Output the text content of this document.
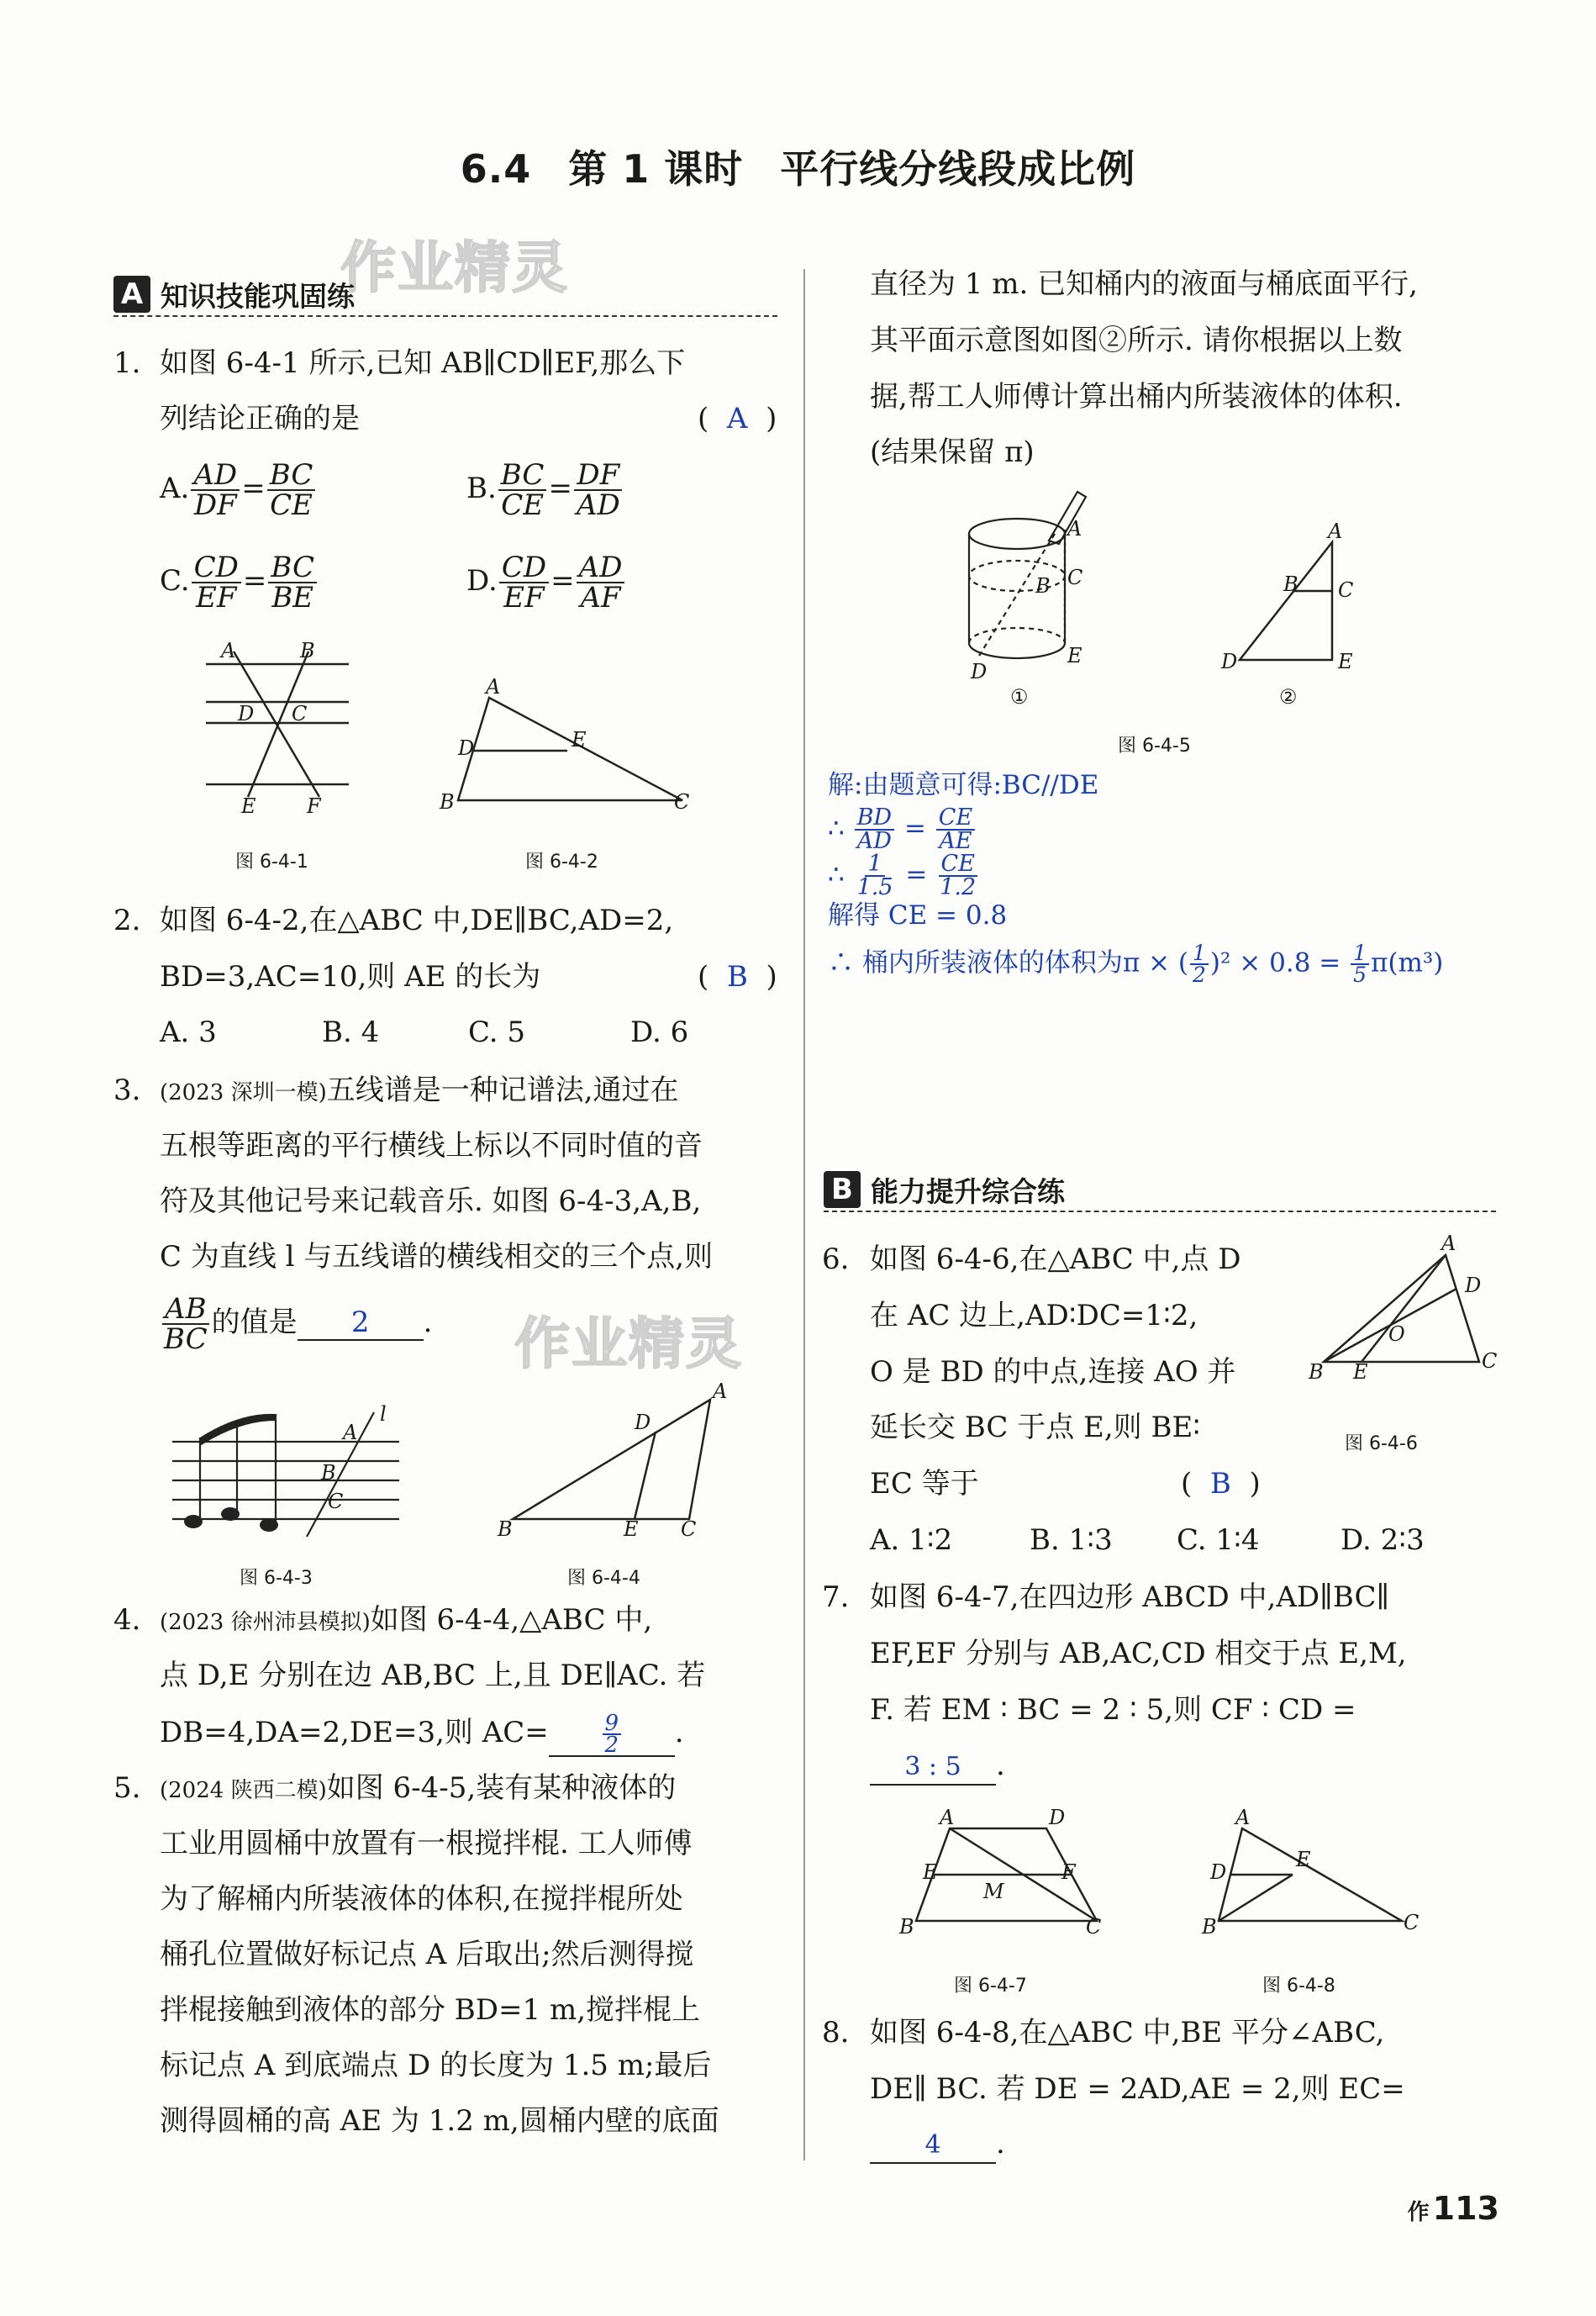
6.4 第 1 课时 平行线分线段成比例
作业精灵
作业精灵
A 知识技能巩固练
1. 如图 6-4-1 所示,已知 AB∥CD∥EF,那么下
列结论正确的是	(  A  )
A. $\frac{AD}{DF} = \frac{BC}{CE}$	B. $\frac{BC}{CE} = \frac{DF}{AD}$
C. $\frac{CD}{EF} = \frac{BC}{BE}$	D. $\frac{CD}{EF} = \frac{AD}{AF}$
A	B
D C
E	F
图 6-4-1
A
D	E
B	C
图 6-4-2
2. 如图 6-4-2,在△ABC 中,DE∥BC,AD=2,
BD=3,AC=10,则 AE 的长为	(  B  )
A. 3	B. 4	C. 5	D. 6
3. (2023 深圳一模)五线谱是一种记谱法,通过在
五根等距离的平行横线上标以不同时值的音
符及其他记号来记载音乐. 如图 6-4-3,A,B,
C 为直线 l 与五线谱的横线相交的三个点,则
$\frac{AB}{BC}$ 的值是 2 .
A
l
B
C
图 6-4-3
A
D
B	E C
图 6-4-4
4. (2023 徐州沛县模拟)如图 6-4-4,△ABC 中,
点 D,E 分别在边 AB,BC 上,且 DE∥AC. 若
DB=4,DA=2,DE=3,则 $AC= \frac{9}{2}$ .
5. (2024 陕西二模)如图 6-4-5,装有某种液体的
工业用圆桶中放置有一根搅拌棍. 工人师傅
为了解桶内所装液体的体积,在搅拌棍所处
桶孔位置做好标记点 A 后取出;然后测得搅
拌棍接触到液体的部分 BD=1 m,搅拌棍上
标记点 A 到底端点 D 的长度为 1.5 m;最后
测得圆桶的高 AE 为 1.2 m,圆桶内壁的底面
直径为 1 m. 已知桶内的液面与桶底面平行,
其平面示意图如图②所示. 请你根据以上数
据,帮工人师傅计算出桶内所装液体的体积.
(结果保留 π)
A
C
B
E
D
①
A
B C
D	E
②
图 6-4-5
解:由题意可得:BC//DE
∴ $\frac{BD}{AD} = \frac{CE}{AE}$
∴ $\frac{1}{1.5} = \frac{CE}{1.2}$
解得 CE = 0.8
∴ 桶内所装液体的体积为π × ( $\frac{1}{2} )^2 \times 0.8 = \frac{1}{5} \pi(m^3)$
B 能力提升综合练
6. 如图 6-4-6,在△ABC 中,点 D
在 AC 边上,AD∶DC=1∶2,
O 是 BD 的中点,连接 AO 并
延长交 BC 于点 E,则 BE∶
EC 等于	(  B  )
A. 1∶2	B. 1∶3 C. 1∶4	D. 2∶3
A
D
O
B E	C
图 6-4-6
7. 如图 6-4-7,在四边形 ABCD 中,AD∥BC∥
EF,EF 分别与 AB,AC,CD 相交于点 E,M,
F. 若 EM ∶ BC = 2 ∶ 5,则 CF ∶ CD =
3 : 5 .
A	D
E	F
M
B	C
图 6-4-7
A
D
E
B	C
图 6-4-8
8. 如图 6-4-8,在△ABC 中,BE 平分∠ABC,
DE∥ BC. 若 DE = 2AD,AE = 2,则 EC=
4 .
作 113
